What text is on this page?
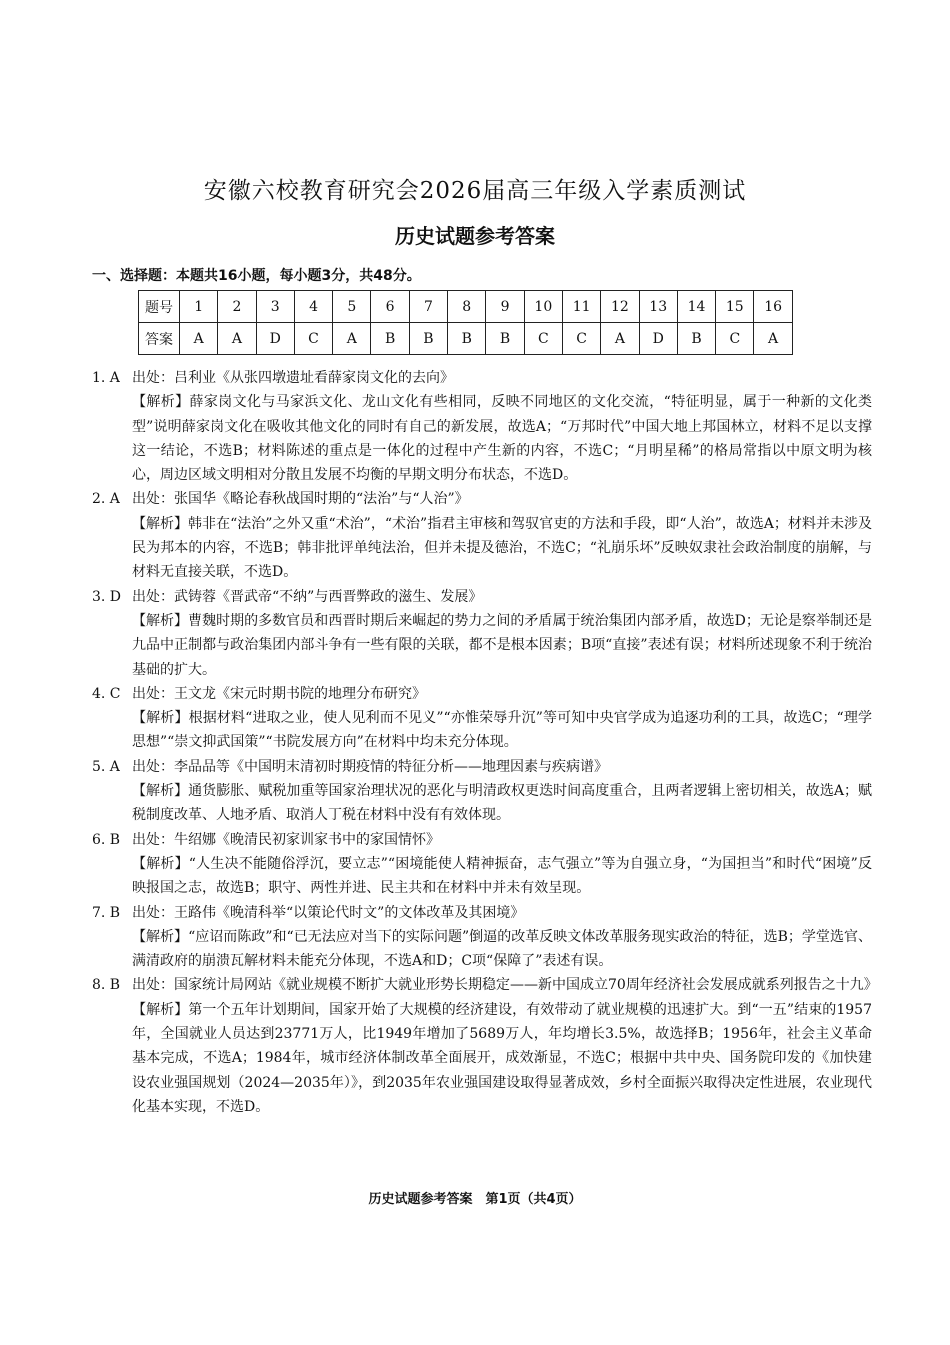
安徽六校教育研究会2026届高三年级入学素质测试
历史试题参考答案
一、选择题：本题共16小题，每小题3分，共48分。
题号	1	2	3	4	5	6	7	8	9	10	11	12	13	14	15	16
答案	A	A	D	C	A	B	B	B	B	C	C	A	D	B	C	A
1. A 出处：吕利业《从张四墩遗址看薛家岗文化的去向》
【解析】薛家岗文化与马家浜文化、龙山文化有些相同，反映不同地区的文化交流，“特征明显，属于一种新的文化类型”说明薛家岗文化在吸收其他文化的同时有自己的新发展，故选A；“万邦时代”中国大地上邦国林立，材料不足以支撑这一结论，不选B；材料陈述的重点是一体化的过程中产生新的内容，不选C；“月明星稀”的格局常指以中原文明为核心，周边区域文明相对分散且发展不均衡的早期文明分布状态，不选D。
2. A 出处：张国华《略论春秋战国时期的“法治”与“人治”》
【解析】韩非在“法治”之外又重“术治”，“术治”指君主审核和驾驭官吏的方法和手段，即“人治”，故选A；材料并未涉及民为邦本的内容，不选B；韩非批评单纯法治，但并未提及德治，不选C；“礼崩乐坏”反映奴隶社会政治制度的崩解，与材料无直接关联，不选D。
3. D 出处：武铸蓉《晋武帝“不纳”与西晋弊政的滋生、发展》
【解析】曹魏时期的多数官员和西晋时期后来崛起的势力之间的矛盾属于统治集团内部矛盾，故选D；无论是察举制还是九品中正制都与政治集团内部斗争有一些有限的关联，都不是根本因素；B项“直接”表述有误；材料所述现象不利于统治基础的扩大。
4. C 出处：王文龙《宋元时期书院的地理分布研究》
【解析】根据材料“进取之业，使人见利而不见义”“亦惟荣辱升沉”等可知中央官学成为追逐功利的工具，故选C；“理学思想”“崇文抑武国策”“书院发展方向”在材料中均未充分体现。
5. A 出处：李品品等《中国明末清初时期疫情的特征分析——地理因素与疾病谱》
【解析】通货膨胀、赋税加重等国家治理状况的恶化与明清政权更迭时间高度重合，且两者逻辑上密切相关，故选A；赋税制度改革、人地矛盾、取消人丁税在材料中没有有效体现。
6. B 出处：牛绍娜《晚清民初家训家书中的家国情怀》
【解析】“人生决不能随俗浮沉，要立志”“困境能使人精神振奋，志气强立”等为自强立身，“为国担当”和时代“困境”反映报国之志，故选B；职守、两性并进、民主共和在材料中并未有效呈现。
7. B 出处：王路伟《晚清科举“以策论代时文”的文体改革及其困境》
【解析】“应诏而陈政”和“已无法应对当下的实际问题”倒逼的改革反映文体改革服务现实政治的特征，选B；学堂选官、满清政府的崩溃瓦解材料未能充分体现，不选A和D；C项“保障了”表述有误。
8. B 出处：国家统计局网站《就业规模不断扩大就业形势长期稳定——新中国成立70周年经济社会发展成就系列报告之十九》
【解析】第一个五年计划期间，国家开始了大规模的经济建设，有效带动了就业规模的迅速扩大。到“一五”结束的1957年，全国就业人员达到23771万人，比1949年增加了5689万人，年均增长3.5%，故选择B；1956年，社会主义革命基本完成，不选A；1984年，城市经济体制改革全面展开，成效渐显，不选C；根据中共中央、国务院印发的《加快建设农业强国规划（2024—2035年）》，到2035年农业强国建设取得显著成效，乡村全面振兴取得决定性进展，农业现代化基本实现，不选D。
历史试题参考答案　第1页（共4页）
